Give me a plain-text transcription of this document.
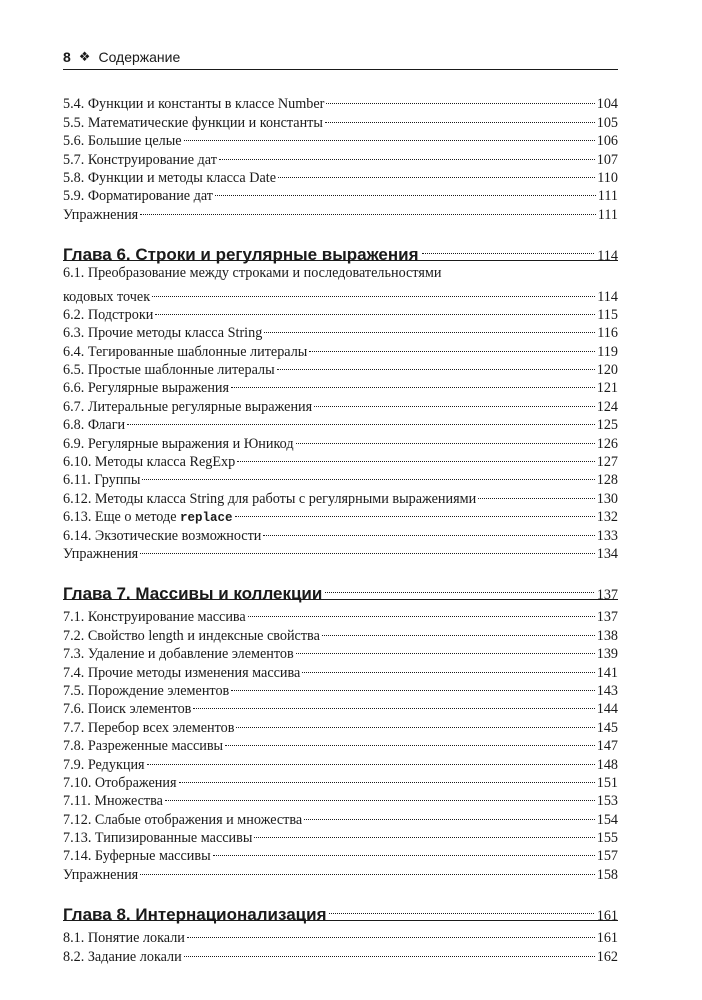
8 ❖ Содержание
5.4. Функции и константы в классе Number	104
5.5. Математические функции и константы	105
5.6. Большие целые	106
5.7. Конструирование дат	107
5.8. Функции и методы класса Date	110
5.9. Форматирование дат	111
Упражнения	111
Глава 6. Строки и регулярные выражения	114
6.1. Преобразование между строками и последовательностями
кодовых точек	114
6.2. Подстроки	115
6.3. Прочие методы класса String	116
6.4. Тегированные шаблонные литералы	119
6.5. Простые шаблонные литералы	120
6.6. Регулярные выражения	121
6.7. Литеральные регулярные выражения	124
6.8. Флаги	125
6.9. Регулярные выражения и Юникод	126
6.10. Методы класса RegExp	127
6.11. Группы	128
6.12. Методы класса String для работы с регулярными выражениями	130
6.13. Еще о методе replace	132
6.14. Экзотические возможности	133
Упражнения	134
Глава 7. Массивы и коллекции	137
7.1. Конструирование массива	137
7.2. Свойство length и индексные свойства	138
7.3. Удаление и добавление элементов	139
7.4. Прочие методы изменения массива	141
7.5. Порождение элементов	143
7.6. Поиск элементов	144
7.7. Перебор всех элементов	145
7.8. Разреженные массивы	147
7.9. Редукция	148
7.10. Отображения	151
7.11. Множества	153
7.12. Слабые отображения и множества	154
7.13. Типизированные массивы	155
7.14. Буферные массивы	157
Упражнения	158
Глава 8. Интернационализация	161
8.1. Понятие локали	161
8.2. Задание локали	162
